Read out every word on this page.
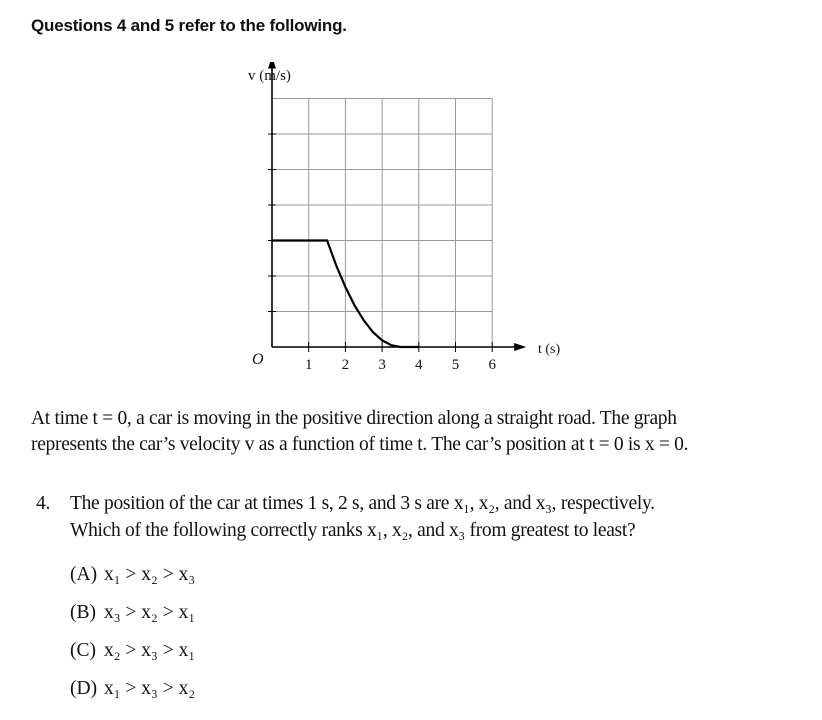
Questions 4 and 5 refer to the following.
1 2 3 4 5 6
v (m/s)
t (s)
O

At time t = 0, a car is moving in the positive direction along a straight road. The graph

represents the car’s velocity v as a function of time t. The car’s position at t = 0 is x = 0.

4. The position of the car at times 1 s, 2 s, and 3 s are x₁, x₂, and x₃, respectively.

Which of the following correctly ranks x₁, x₂, and x₃ from greatest to least?

(A) x₁ > x₂ > x₃
(B) x₃ > x₂ > x₁
(C) x₂ > x₃ > x₁
(D) x₁ > x₃ > x₂
